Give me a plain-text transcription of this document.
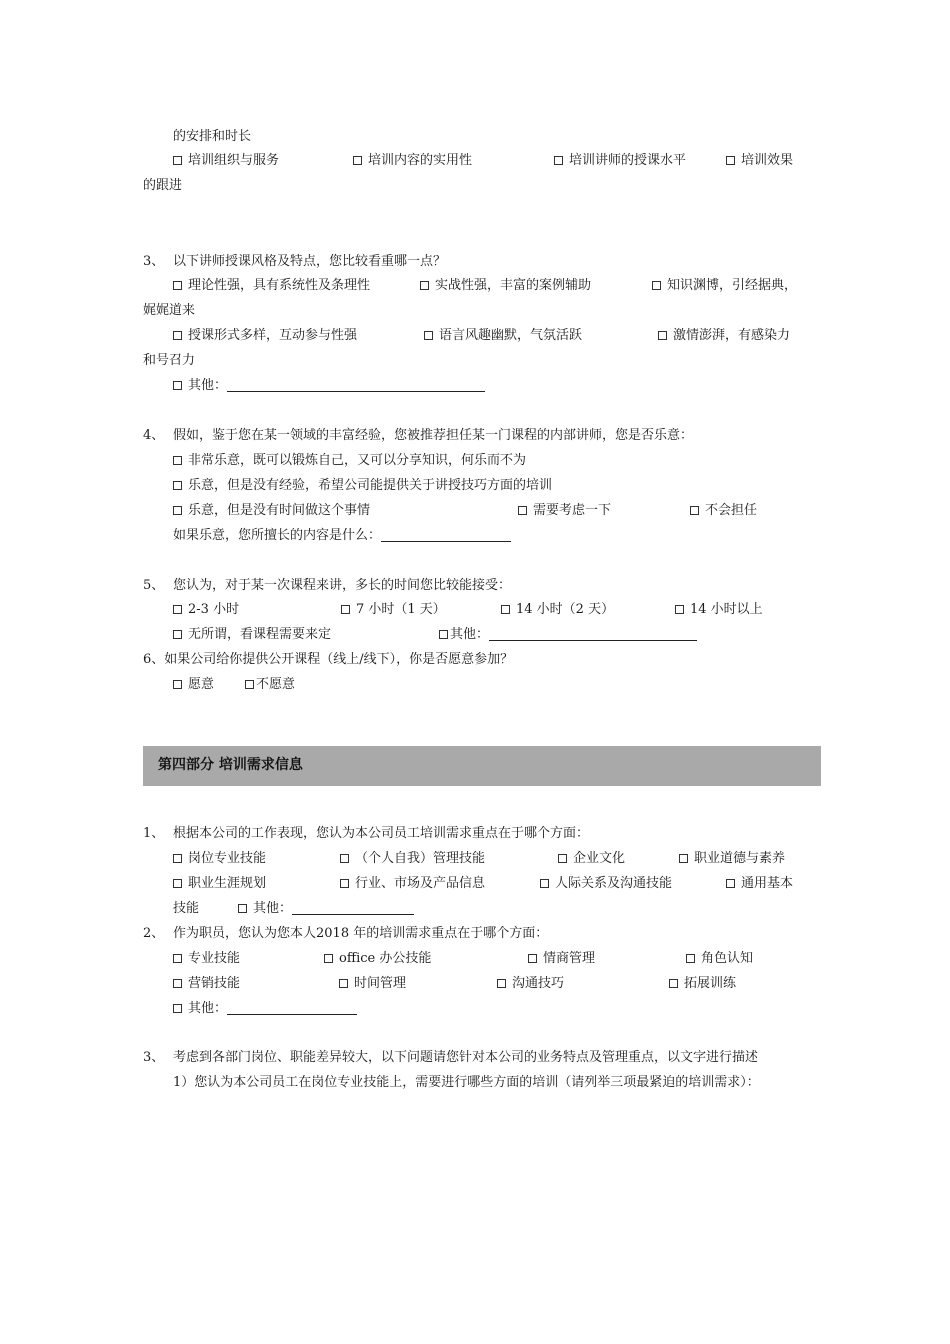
的安排和时长
培训组织与服务	培训内容的实用性	培训讲师的授课水平	培训效果
的跟进
3、 以下讲师授课风格及特点，您比较看重哪一点？
理论性强，具有系统性及条理性	实战性强，丰富的案例辅助	知识渊博，引经据典，
娓娓道来
授课形式多样，互动参与性强	语言风趣幽默，气氛活跃	激情澎湃，有感染力
和号召力
其他：
4、 假如，鉴于您在某一领域的丰富经验，您被推荐担任某一门课程的内部讲师，您是否乐意：
非常乐意，既可以锻炼自己，又可以分享知识，何乐而不为
乐意，但是没有经验，希望公司能提供关于讲授技巧方面的培训
乐意，但是没有时间做这个事情	需要考虑一下	不会担任
如果乐意，您所擅长的内容是什么：
5、 您认为，对于某一次课程来讲，多长的时间您比较能接受：
2-3 小时	7 小时（1 天）	14 小时（2 天）	14 小时以上
无所谓，看课程需要来定	其他：
6、如果公司给你提供公开课程（线上/线下），你是否愿意参加？
愿意	不愿意
第四部分 培训需求信息
1、 根据本公司的工作表现，您认为本公司员工培训需求重点在于哪个方面：
岗位专业技能	（个人自我）管理技能	企业文化	职业道德与素养
职业生涯规划	行业、市场及产品信息	人际关系及沟通技能	通用基本
技能	其他：
2、 作为职员，您认为您本人2018 年的培训需求重点在于哪个方面：
专业技能	office 办公技能	情商管理	角色认知
营销技能	时间管理	沟通技巧	拓展训练
其他：
3、 考虑到各部门岗位、职能差异较大，以下问题请您针对本公司的业务特点及管理重点，以文字进行描述
1）您认为本公司员工在岗位专业技能上，需要进行哪些方面的培训（请列举三项最紧迫的培训需求）：
